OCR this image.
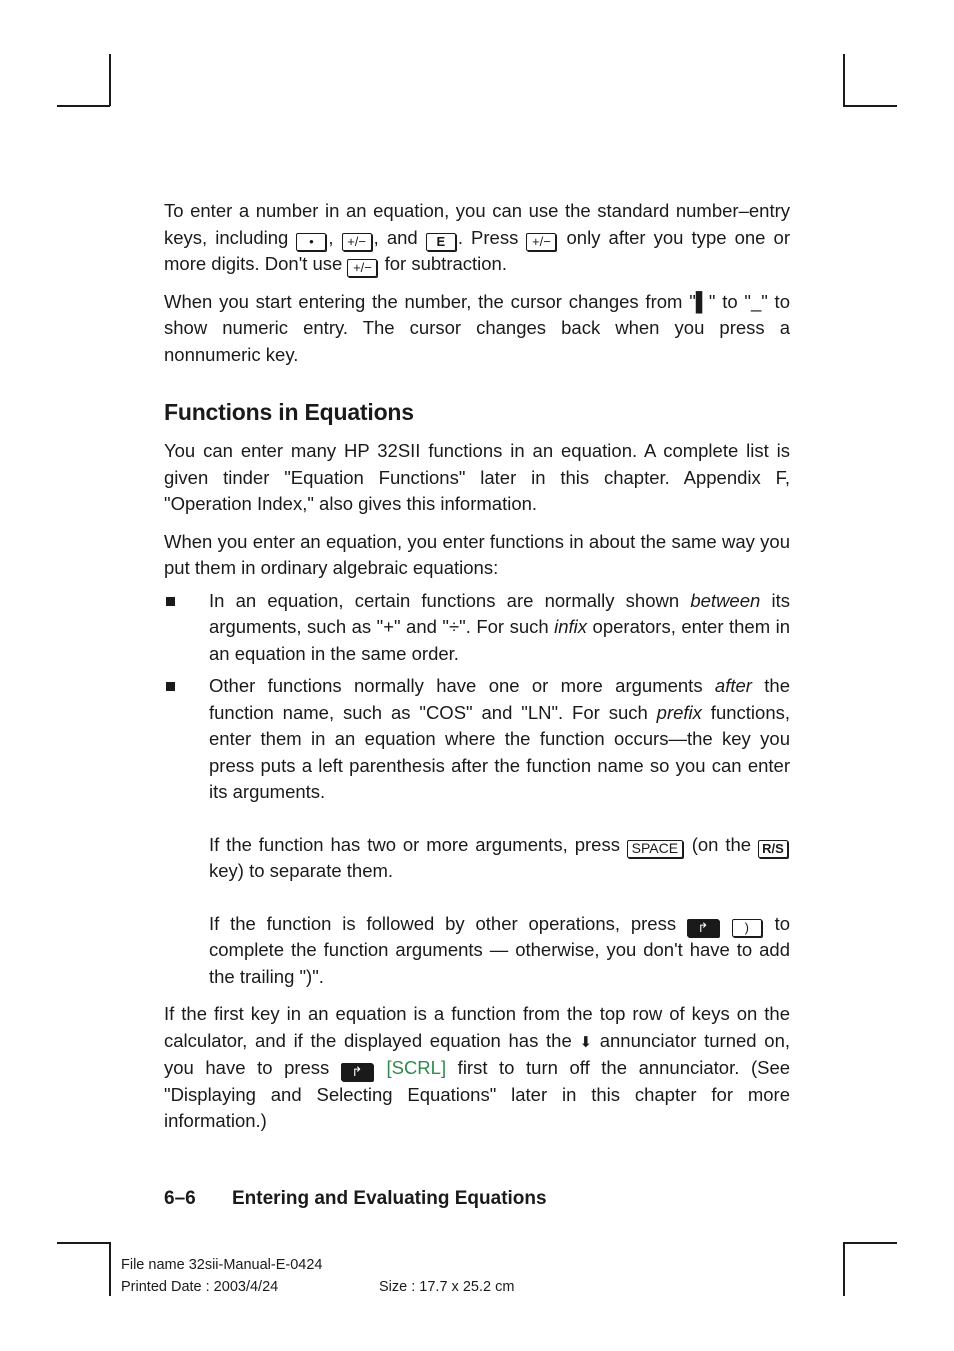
To enter a number in an equation, you can use the standard number–entry keys, including • , +/− , and E . Press +/− only after you type one or more digits. Don't use +/− for subtraction.

When you start entering the number, the cursor changes from "▌" to "_" to show numeric entry. The cursor changes back when you press a nonnumeric key.

Functions in Equations

You can enter many HP 32SII functions in an equation. A complete list is given tinder "Equation Functions" later in this chapter. Appendix F, "Operation Index," also gives this information.

When you enter an equation, you enter functions in about the same way you put them in ordinary algebraic equations:

In an equation, certain functions are normally shown between its arguments, such as "+" and "÷". For such infix operators, enter them in an equation in the same order.

Other functions normally have one or more arguments after the function name, such as "COS" and "LN". For such prefix functions, enter them in an equation where the function occurs—the key you press puts a left parenthesis after the function name so you can enter its arguments.

If the function has two or more arguments, press SPACE (on the R/S key) to separate them.

If the function is followed by other operations, press ↱	) to complete the function arguments — otherwise, you don't have to add the trailing ")".

If the first key in an equation is a function from the top row of keys on the calculator, and if the displayed equation has the ⬇ annunciator turned on, you have to press ↱ [SCRL] first to turn off the annunciator. (See "Displaying and Selecting Equations" later in this chapter for more information.)

6–6 Entering and Evaluating Equations
File name 32sii-Manual-E-0424
Printed Date : 2003/4/24	Size : 17.7 x 25.2 cm
